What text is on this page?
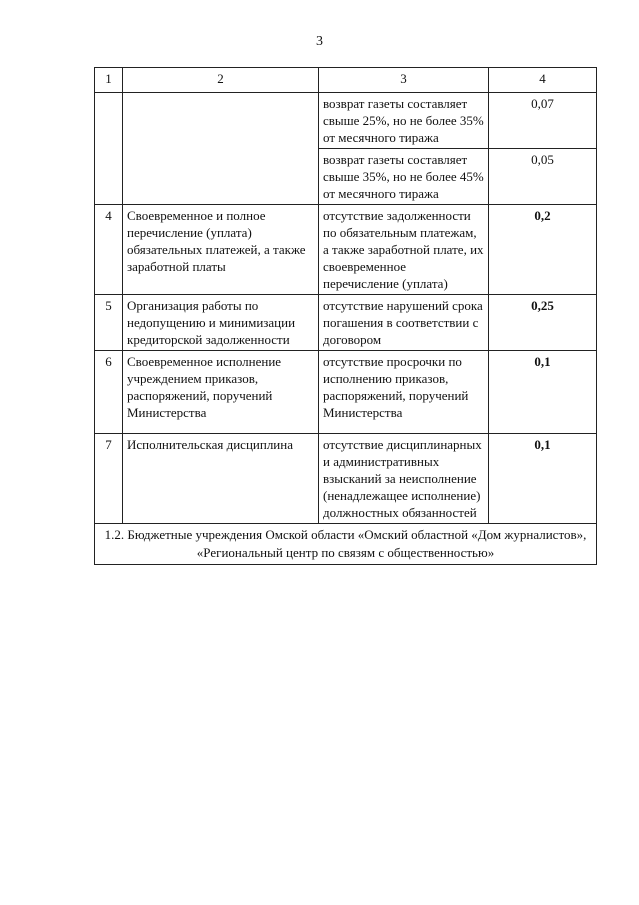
3
1	2	3	4
		возврат газеты составляет свыше 25%, но не более 35% от месячного тиража	0,07
		возврат газеты составляет свыше 35%, но не более 45% от месячного тиража	0,05
4	Своевременное и полное перечисление (уплата) обязательных платежей, а также заработной платы	отсутствие задолженности по обязательным платежам, а также заработной плате, их своевременное перечисление (уплата)	0,2
5	Организация работы по недопущению и минимизации кредиторской задолженности	отсутствие нарушений срока погашения в соответствии с договором	0,25
6	Своевременное исполнение учреждением приказов, распоряжений, поручений Министерства	отсутствие просрочки по исполнению приказов, распоряжений, поручений Министерства	0,1
7	Исполнительская дисциплина	отсутствие дисциплинарных и административных взысканий за неисполнение (ненадлежащее исполнение) должностных обязанностей	0,1
1.2. Бюджетные учреждения Омской области «Омский областной «Дом журналистов», «Региональный центр по связям с общественностью»			
